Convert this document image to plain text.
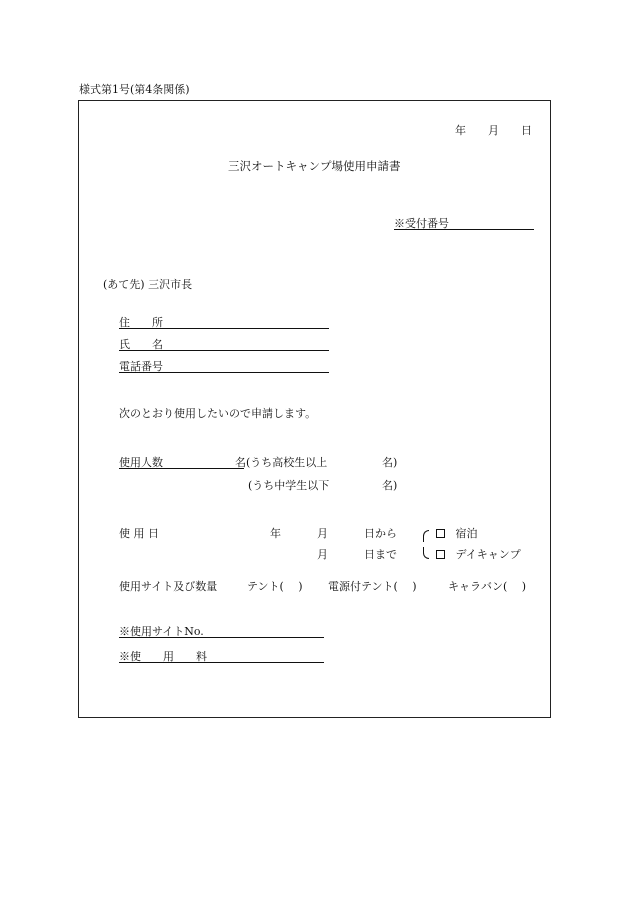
様式第1号(第4条関係)
年 月 日
三沢オートキャンプ場使用申請書
※受付番号
(あて先) 三沢市長
住　　所
氏　　名
電話番号
次のとおり使用したいので申請します。
使用人数	名(うち高校生以上	名)
(うち中学生以下	名)
使 用 日	年	月	日から
月	日まで
宿泊
デイキャンプ
使用サイト及び数量	テント(　 ) 電源付テント(　 )	キャラバン(　 )
※使用サイトNo.
※使　　用　　料
